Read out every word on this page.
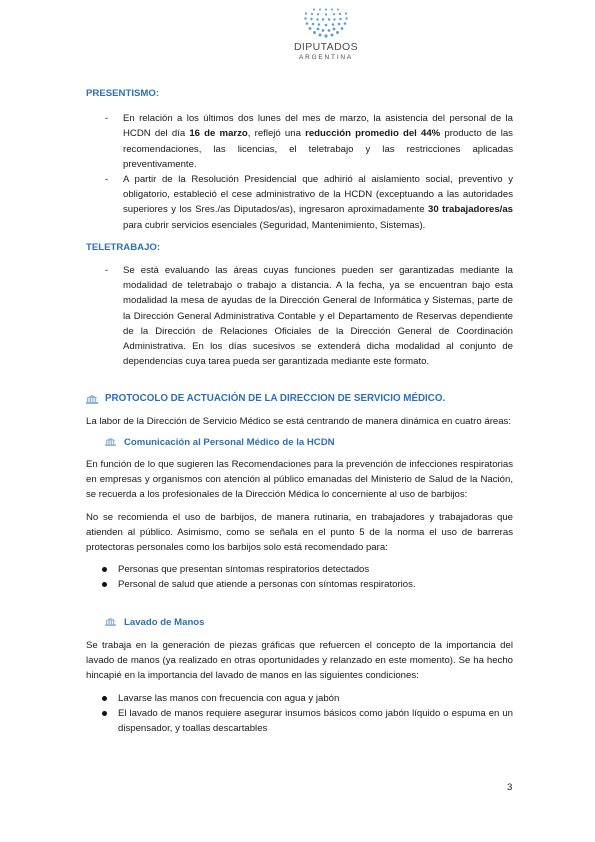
DIPUTADOS
ARGENTINA

PRESENTISMO:

- En relación a los últimos dos lunes del mes de marzo, la asistencia del personal de la HCDN del día 16 de marzo, reflejó una reducción promedio del 44% producto de las recomendaciones, las licencias, el teletrabajo y las restricciones aplicadas preventivamente.
- A partir de la Resolución Presidencial que adhirió al aislamiento social, preventivo y obligatorio, estableció el cese administrativo de la HCDN (exceptuando a las autoridades superiores y los Sres./as Diputados/as), ingresaron aproximadamente 30 trabajadores/as para cubrir servicios esenciales (Seguridad, Mantenimiento, Sistemas).

TELETRABAJO:

- Se está evaluando las áreas cuyas funciones pueden ser garantizadas mediante la modalidad de teletrabajo o trabajo a distancia. A la fecha, ya se encuentran bajo esta modalidad la mesa de ayudas de la Dirección General de Informática y Sistemas, parte de la Dirección General Administrativa Contable y el Departamento de Reservas dependiente de la Dirección de Relaciones Oficiales de la Dirección General de Coordinación Administrativa. En los días sucesivos se extenderá dicha modalidad al conjunto de dependencias cuya tarea pueda ser garantizada mediante este formato.
PROTOCOLO DE ACTUACIÓN DE LA DIRECCION DE SERVICIO MÉDICO.

La labor de la Dirección de Servicio Médico se está centrando de manera dinámica en cuatro áreas:

Comunicación al Personal Médico de la HCDN

En función de lo que sugieren las Recomendaciones para la prevención de infecciones respiratorias en empresas y organismos con atención al público emanadas del Ministerio de Salud de la Nación, se recuerda a los profesionales de la Dirección Médica lo concerniente al uso de barbijos:

No se recomienda el uso de barbijos, de manera rutinaria, en trabajadores y trabajadoras que atienden al público. Asimismo, como se señala en el punto 5 de la norma el uso de barreras protectoras personales como los barbijos solo está recomendado para:

Personas que presentan síntomas respiratorios detectados
Personal de salud que atiende a personas con síntomas respiratorios.
Lavado de Manos

Se trabaja en la generación de piezas gráficas que refuercen el concepto de la importancia del lavado de manos (ya realizado en otras oportunidades y relanzado en este momento). Se ha hecho hincapié en la importancia del lavado de manos en las siguientes condiciones:

Lavarse las manos con frecuencia con agua y jabón
El lavado de manos requiere asegurar insumos básicos como jabón líquido o espuma en un dispensador, y toallas descartables
3
